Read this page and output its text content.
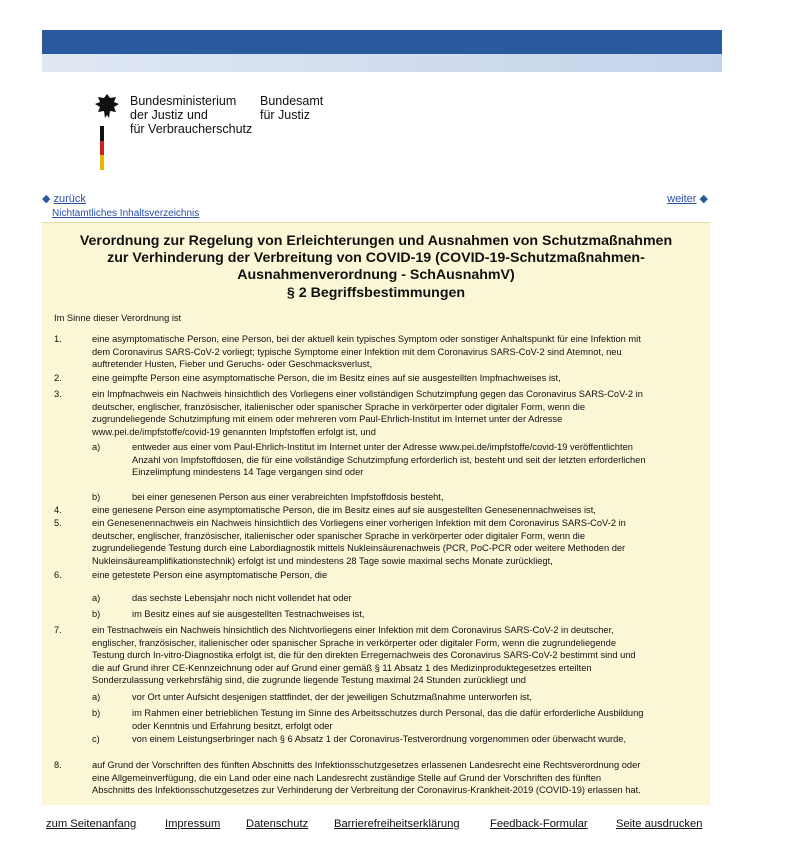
Bundesministerium
der Justiz und
für Verbraucherschutz
Bundesamt
für Justiz
◆ zurück	weiter ◆
Nichtamtliches Inhaltsverzeichnis
Verordnung zur Regelung von Erleichterungen und Ausnahmen von Schutzmaßnahmen
zur Verhinderung der Verbreitung von COVID-19 (COVID-19-Schutzmaßnahmen-
Ausnahmenverordnung - SchAusnahmV)
§ 2 Begriffsbestimmungen
Im Sinne dieser Verordnung ist
1.	eine asymptomatische Person, eine Person, bei der aktuell kein typisches Symptom oder sonstiger Anhaltspunkt für eine Infektion mit
dem Coronavirus SARS-CoV-2 vorliegt; typische Symptome einer Infektion mit dem Coronavirus SARS-CoV-2 sind Atemnot, neu
auftretender Husten, Fieber und Geruchs- oder Geschmacksverlust,
2.	eine geimpfte Person eine asymptomatische Person, die im Besitz eines auf sie ausgestellten Impfnachweises ist,
3.	ein Impfnachweis ein Nachweis hinsichtlich des Vorliegens einer vollständigen Schutzimpfung gegen das Coronavirus SARS-CoV-2 in
deutscher, englischer, französischer, italienischer oder spanischer Sprache in verkörperter oder digitaler Form, wenn die
zugrundeliegende Schutzimpfung mit einem oder mehreren vom Paul-Ehrlich-Institut im Internet unter der Adresse
www.pei.de/impfstoffe/covid-19 genannten Impfstoffen erfolgt ist, und
a)	entweder aus einer vom Paul-Ehrlich-Institut im Internet unter der Adresse www.pei.de/impfstoffe/covid-19 veröffentlichten
Anzahl von Impfstoffdosen, die für eine vollständige Schutzimpfung erforderlich ist, besteht und seit der letzten erforderlichen
Einzelimpfung mindestens 14 Tage vergangen sind oder
b)	bei einer genesenen Person aus einer verabreichten Impfstoffdosis besteht,
4.	eine genesene Person eine asymptomatische Person, die im Besitz eines auf sie ausgestellten Genesenennachweises ist,
5.	ein Genesenennachweis ein Nachweis hinsichtlich des Vorliegens einer vorherigen Infektion mit dem Coronavirus SARS-CoV-2 in
deutscher, englischer, französischer, italienischer oder spanischer Sprache in verkörperter oder digitaler Form, wenn die
zugrundeliegende Testung durch eine Labordiagnostik mittels Nukleinsäurenachweis (PCR, PoC-PCR oder weitere Methoden der
Nukleinsäureamplifikationstechnik) erfolgt ist und mindestens 28 Tage sowie maximal sechs Monate zurückliegt,
6.	eine getestete Person eine asymptomatische Person, die
a)	das sechste Lebensjahr noch nicht vollendet hat oder
b)	im Besitz eines auf sie ausgestellten Testnachweises ist,
7.	ein Testnachweis ein Nachweis hinsichtlich des Nichtvorliegens einer Infektion mit dem Coronavirus SARS-CoV-2 in deutscher,
englischer, französischer, italienischer oder spanischer Sprache in verkörperter oder digitaler Form, wenn die zugrundeliegende
Testung durch In-vitro-Diagnostika erfolgt ist, die für den direkten Erregernachweis des Coronavirus SARS-CoV-2 bestimmt sind und
die auf Grund ihrer CE-Kennzeichnung oder auf Grund einer gemäß § 11 Absatz 1 des Medizinproduktegesetzes erteilten
Sonderzulassung verkehrsfähig sind, die zugrunde liegende Testung maximal 24 Stunden zurückliegt und
a)	vor Ort unter Aufsicht desjenigen stattfindet, der der jeweiligen Schutzmaßnahme unterworfen ist,
b)	im Rahmen einer betrieblichen Testung im Sinne des Arbeitsschutzes durch Personal, das die dafür erforderliche Ausbildung
oder Kenntnis und Erfahrung besitzt, erfolgt oder
c)	von einem Leistungserbringer nach § 6 Absatz 1 der Coronavirus-Testverordnung vorgenommen oder überwacht wurde,
8.	auf Grund der Vorschriften des fünften Abschnitts des Infektionsschutzgesetzes erlassenen Landesrecht eine Rechtsverordnung oder
eine Allgemeinverfügung, die ein Land oder eine nach Landesrecht zuständige Stelle auf Grund der Vorschriften des fünften
Abschnitts des Infektionsschutzgesetzes zur Verhinderung der Verbreitung der Coronavirus-Krankheit-2019 (COVID-19) erlassen hat.
zum Seitenanfang	Impressum Datenschutz Barrierefreiheitserklärung	Feedback-Formular	Seite ausdrucken
